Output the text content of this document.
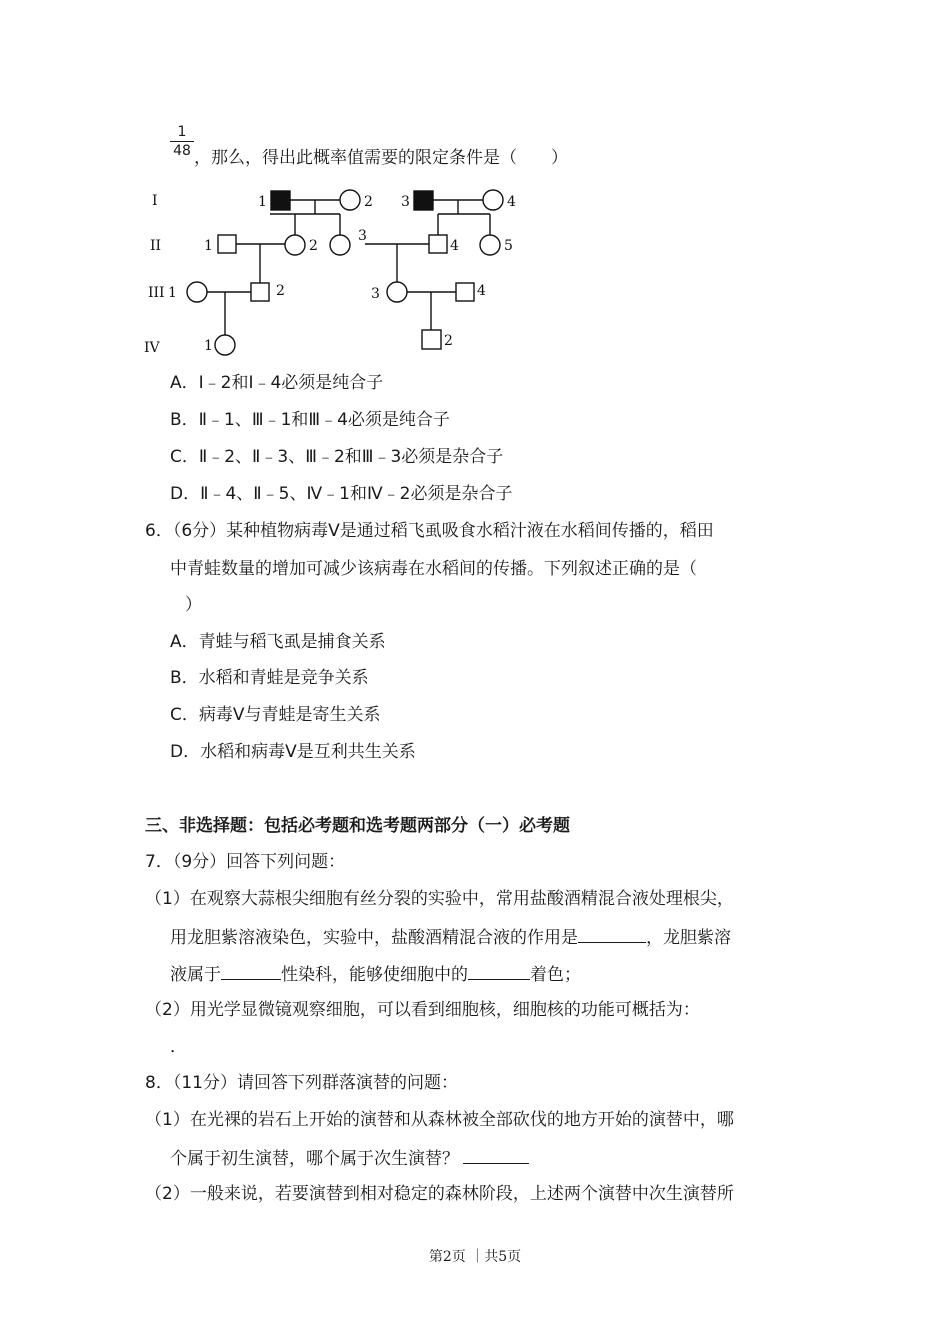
$\frac{1}{48}$ ，那么，得出此概率值需要的限定条件是（　　）
I
II
III
IV
1	2 3	4
1	2
3
4	5
1	2	3	4
1	2
A．Ⅰ﹣2和Ⅰ﹣4必须是纯合子
B．Ⅱ﹣1、Ⅲ﹣1和Ⅲ﹣4必须是纯合子
C．Ⅱ﹣2、Ⅱ﹣3、Ⅲ﹣2和Ⅲ﹣3必须是杂合子
D．Ⅱ﹣4、Ⅱ﹣5、Ⅳ﹣1和Ⅳ﹣2必须是杂合子
6．（6分）某种植物病毒V是通过稻飞虱吸食水稻汁液在水稻间传播的，稻田
中青蛙数量的增加可减少该病毒在水稻间的传播。下列叙述正确的是（
）
A．青蛙与稻飞虱是捕食关系
B．水稻和青蛙是竞争关系
C．病毒V与青蛙是寄生关系
D．水稻和病毒V是互利共生关系
三、非选择题：包括必考题和选考题两部分（一）必考题
7．（9分）回答下列问题：
（1）在观察大蒜根尖细胞有丝分裂的实验中，常用盐酸酒精混合液处理根尖，
用龙胆紫溶液染色，实验中，盐酸酒精混合液的作用是	，龙胆紫溶
液属于	性染科，能够使细胞中的	着色；
（2）用光学显微镜观察细胞，可以看到细胞核，细胞核的功能可概括为：
．
8．（11分）请回答下列群落演替的问题：
（1）在光裸的岩石上开始的演替和从森林被全部砍伐的地方开始的演替中，哪
个属于初生演替，哪个属于次生演替？
（2）一般来说，若要演替到相对稳定的森林阶段，上述两个演替中次生演替所
第2页 ｜共5页
